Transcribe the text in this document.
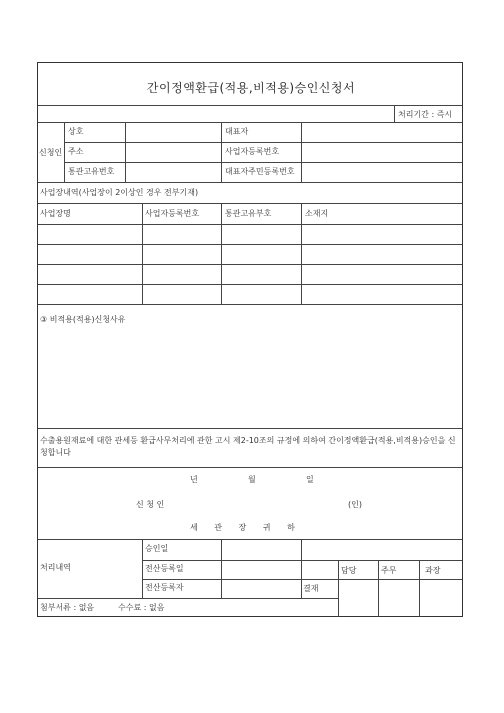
간이정액환급(적용,비적용)승인신청서
처리기간 : 즉시
신청인
상호	대표자
주소	사업자등록번호
통관고유번호	대표자주민등록번호
사업장내역(사업장이 2이상인 경우 전부기재)
사업장명	사업자등록번호	통관고유부호	소재지
③ 비적용(적용)신청사유
수출용원재료에 대한 관세등 환급사무처리에 관한 고시 제2-10조의 규정에 의하여 간이정액환급(적용,비적용)승인을 신청합니다
년	월	일
신 청 인	(인)
세 관 장 귀 하
처리내역
승인일
전산등록일
전산등록자	결재
담당	주무	과장
첨부서류 : 없음	수수료 : 없음
